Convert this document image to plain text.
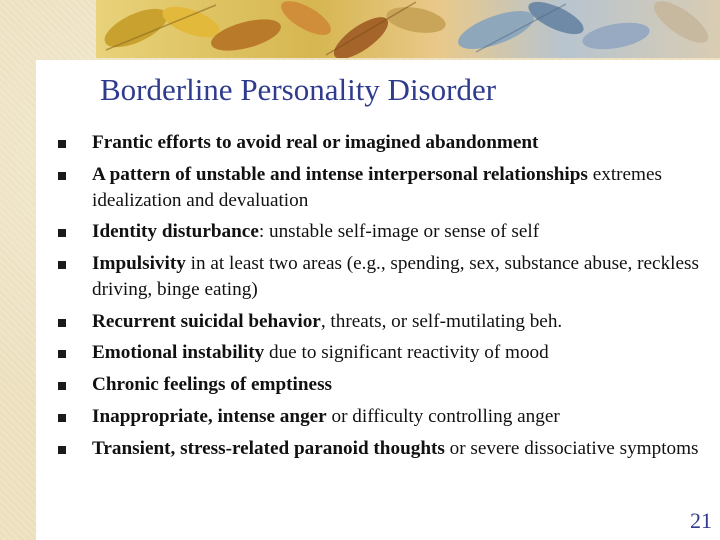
Borderline Personality Disorder
Frantic efforts to avoid real or imagined abandonment
A pattern of unstable and intense interpersonal relationships extremes idealization and devaluation
Identity disturbance: unstable self-image or sense of self
Impulsivity in at least two areas (e.g., spending, sex, substance abuse, reckless driving, binge eating)
Recurrent suicidal behavior, threats, or self-mutilating beh.
Emotional instability due to significant reactivity of mood
Chronic feelings of emptiness
Inappropriate, intense anger or difficulty controlling anger
Transient, stress-related paranoid thoughts or severe dissociative symptoms
21
